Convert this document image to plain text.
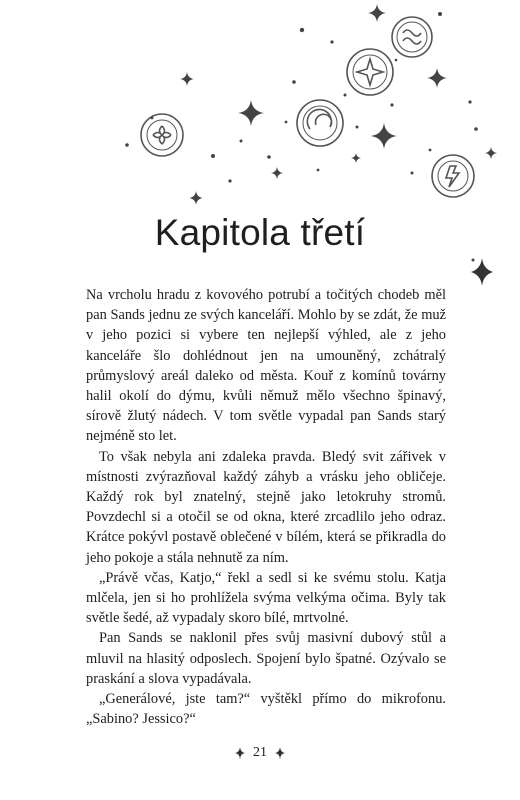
Kapitola třetí

Na vrcholu hradu z kovového potrubí a točitých chodeb měl pan Sands jednu ze svých kanceláří. Mohlo by se zdát, že muž v jeho pozici si vybere ten nejlepší výhled, ale z jeho kanceláře šlo dohlédnout jen na umouněný, zchátralý průmyslový areál daleko od města. Kouř z komínů továrny halil okolí do dýmu, kvůli němuž mělo všechno špinavý, sírově žlutý nádech. V tom světle vypadal pan Sands starý nejméně sto let.

To však nebyla ani zdaleka pravda. Bledý svit zářivek v místnosti zvýrazňoval každý záhyb a vrásku jeho obličeje. Každý rok byl znatelný, stejně jako letokruhy stromů. Povzdechl si a otočil se od okna, které zrcadlilo jeho odraz. Krátce pokývl postavě oblečené v bílém, která se přikradla do jeho pokoje a stála nehnutě za ním.

„Právě včas, Katjo,“ řekl a sedl si ke svému stolu. Katja mlčela, jen si ho prohlížela svýma velkýma očima. Byly tak světle šedé, až vypadaly skoro bílé, mrtvolné.

Pan Sands se naklonil přes svůj masivní dubový stůl a mluvil na hlasitý odposlech. Spojení bylo špatné. Ozývalo se praskání a slova vypadávala.

„Generálové, jste tam?“ vyštěkl přímo do mikrofonu. „Sabino? Jessico?“

21
